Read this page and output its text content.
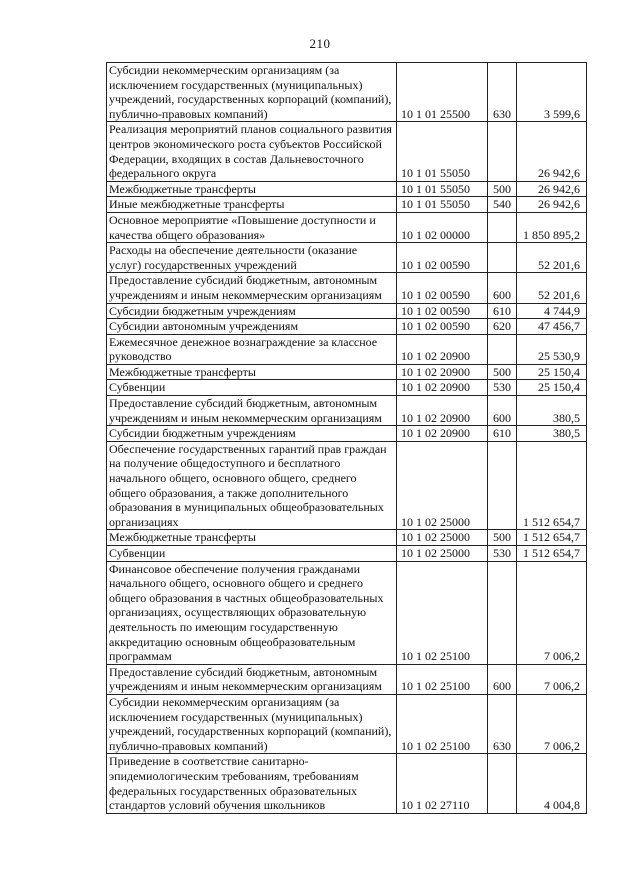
210
Субсидии некоммерческим организациям (за исключением государственных (муниципальных) учреждений, государственных корпораций (компаний), публично-правовых компаний)	10 1 01 25500	630	3 599,6
Реализация мероприятий планов социального развития центров экономического роста субъектов Российской Федерации, входящих в состав Дальневосточного федерального округа	10 1 01 55050		26 942,6
Межбюджетные трансферты	10 1 01 55050	500	26 942,6
Иные межбюджетные трансферты	10 1 01 55050	540	26 942,6
Основное мероприятие «Повышение доступности и качества общего образования»	10 1 02 00000		1 850 895,2
Расходы на обеспечение деятельности (оказание услуг) государственных учреждений	10 1 02 00590		52 201,6
Предоставление субсидий бюджетным, автономным учреждениям и иным некоммерческим организациям	10 1 02 00590	600	52 201,6
Субсидии бюджетным учреждениям	10 1 02 00590	610	4 744,9
Субсидии автономным учреждениям	10 1 02 00590	620	47 456,7
Ежемесячное денежное вознаграждение за классное руководство	10 1 02 20900		25 530,9
Межбюджетные трансферты	10 1 02 20900	500	25 150,4
Субвенции	10 1 02 20900	530	25 150,4
Предоставление субсидий бюджетным, автономным учреждениям и иным некоммерческим организациям	10 1 02 20900	600	380,5
Субсидии бюджетным учреждениям	10 1 02 20900	610	380,5
Обеспечение государственных гарантий прав граждан на получение общедоступного и бесплатного начального общего, основного общего, среднего общего образования, а также дополнительного образования в муниципальных общеобразовательных организациях	10 1 02 25000		1 512 654,7
Межбюджетные трансферты	10 1 02 25000	500	1 512 654,7
Субвенции	10 1 02 25000	530	1 512 654,7
Финансовое обеспечение получения гражданами начального общего, основного общего и среднего общего образования в частных общеобразовательных организациях, осуществляющих образовательную деятельность по имеющим государственную аккредитацию основным общеобразовательным программам	10 1 02 25100		7 006,2
Предоставление субсидий бюджетным, автономным учреждениям и иным некоммерческим организациям	10 1 02 25100	600	7 006,2
Субсидии некоммерческим организациям (за исключением государственных (муниципальных) учреждений, государственных корпораций (компаний), публично-правовых компаний)	10 1 02 25100	630	7 006,2
Приведение в соответствие санитарно-эпидемиологическим требованиям, требованиям федеральных государственных образовательных стандартов условий обучения школьников	10 1 02 27110		4 004,8
